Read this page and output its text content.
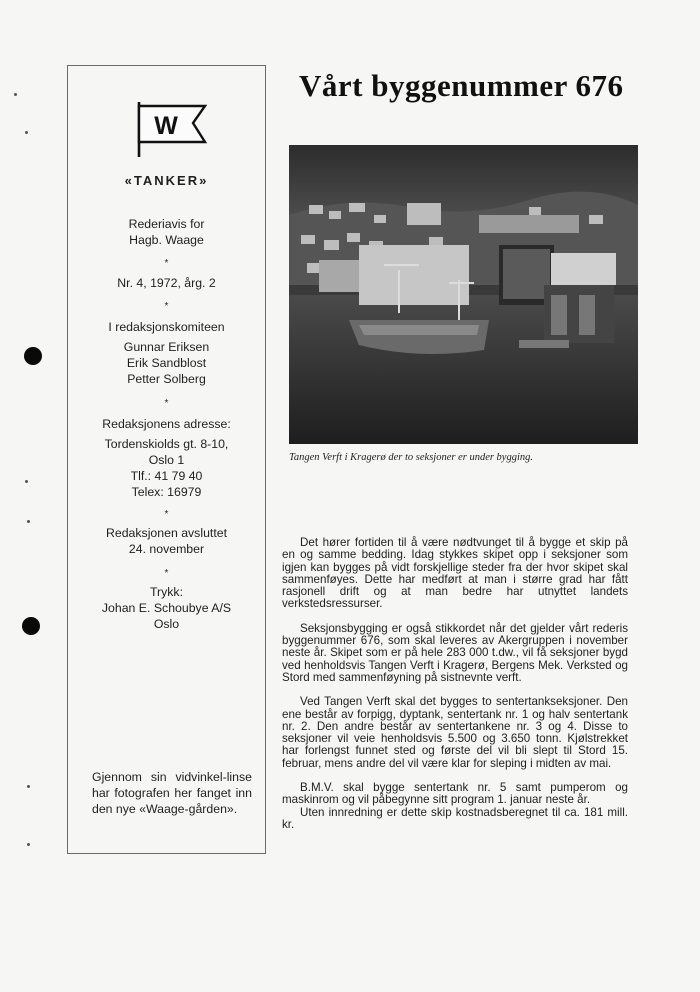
W
«TANKER»
Rederiavis for
Hagb. Waage
*
Nr. 4, 1972, årg. 2
*
I redaksjonskomiteen
Gunnar Eriksen
Erik Sandblost
Petter Solberg
*
Redaksjonens adresse:
Tordenskiolds gt. 8-10,
Oslo 1
Tlf.: 41 79 40
Telex: 16979
*
Redaksjonen avsluttet
24. november
*
Trykk:
Johan E. Schoubye A/S
Oslo
Gjennom sin vidvinkel-linse har fotografen her fanget inn den nye «Waage-gården».
Vårt byggenummer 676

Tangen Verft i Kragerø der to seksjoner er under bygging.

Det hører fortiden til å være nødtvunget til å bygge et skip på en og samme bedding. Idag stykkes skipet opp i seksjoner som igjen kan bygges på vidt forskjellige steder fra der hvor skipet skal sammenføyes. Dette har medført at man i større grad har fått rasjonell drift og at man bedre har utnyttet landets verkstedsressurser.

Seksjonsbygging er også stikkordet når det gjelder vårt rederis byggenummer 676, som skal leveres av Akergruppen i november neste år. Skipet som er på hele 283 000 t.dw., vil få seksjoner bygd ved henholdsvis Tangen Verft i Kragerø, Bergens Mek. Verksted og Stord med sammenføyning på sistnevnte verft.

Ved Tangen Verft skal det bygges to sentertankseksjoner. Den ene består av forpigg, dyptank, sentertank nr. 1 og halv sentertank nr. 2. Den andre består av sentertankene nr. 3 og 4. Disse to seksjoner vil veie henholdsvis 5.500 og 3.650 tonn. Kjølstrekket har forlengst funnet sted og første del vil bli slept til Stord 15. februar, mens andre del vil være klar for sleping i midten av mai.

B.M.V. skal bygge sentertank nr. 5 samt pumperom og maskinrom og vil påbegynne sitt program 1. januar neste år.

Uten innredning er dette skip kostnadsberegnet til ca. 181 mill. kr.
